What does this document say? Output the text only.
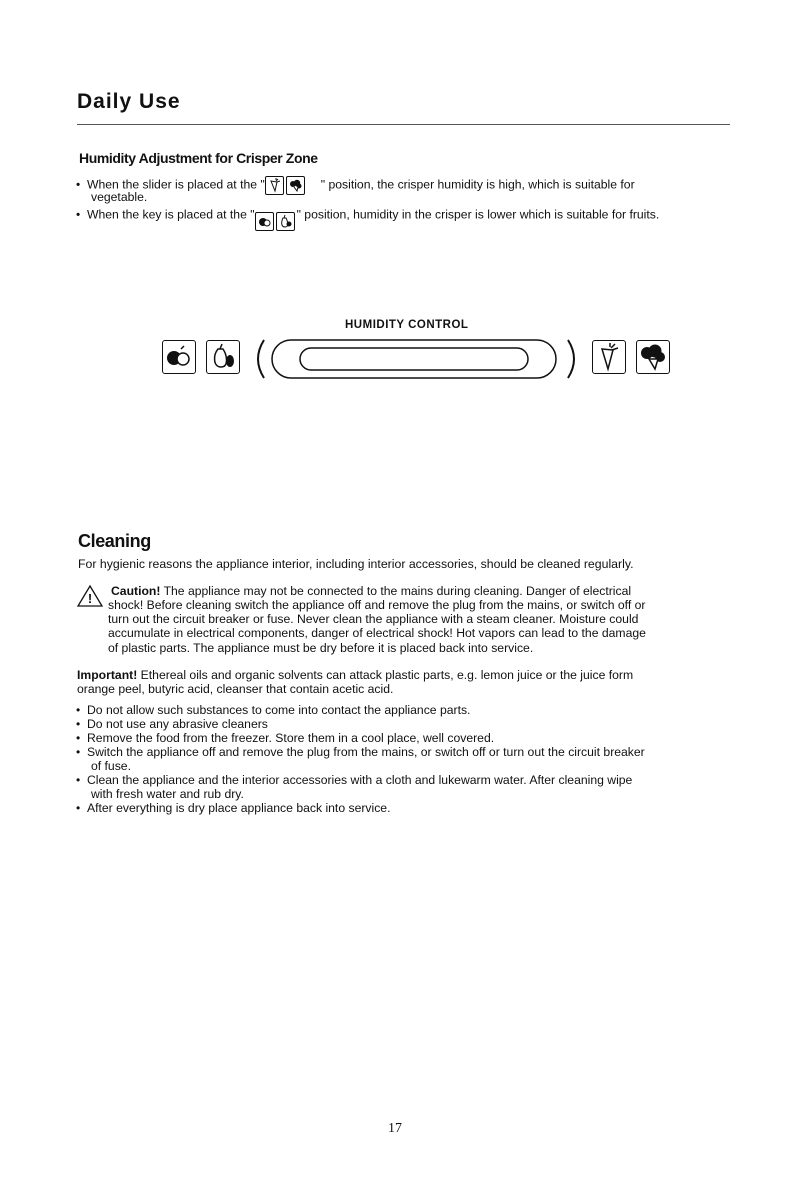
Daily Use
Humidity Adjustment for Crisper Zone
• When the slider is placed at the "	" position, the crisper humidity is high, which is suitable for
vegetable.
• When the key is placed at the "	" position, humidity in the crisper is lower which is suitable for fruits.
HUMIDITY CONTROL
Cleaning
For hygienic reasons the appliance interior, including interior accessories, should be cleaned regularly.
! Caution! The appliance may not be connected to the mains during cleaning. Danger of electrical
shock! Before cleaning switch the appliance off and remove the plug from the mains, or switch off or
turn out the circuit breaker or fuse. Never clean the appliance with a steam cleaner. Moisture could
accumulate in electrical components, danger of electrical shock! Hot vapors can lead to the damage
of plastic parts. The appliance must be dry before it is placed back into service.
Important! Ethereal oils and organic solvents can attack plastic parts, e.g. lemon juice or the juice form
orange peel, butyric acid, cleanser that contain acetic acid.
• Do not allow such substances to come into contact the appliance parts.
• Do not use any abrasive cleaners
• Remove the food from the freezer. Store them in a cool place, well covered.
• Switch the appliance off and remove the plug from the mains, or switch off or turn out the circuit breaker
of fuse.
• Clean the appliance and the interior accessories with a cloth and lukewarm water. After cleaning wipe
with fresh water and rub dry.
• After everything is dry place appliance back into service.
17
